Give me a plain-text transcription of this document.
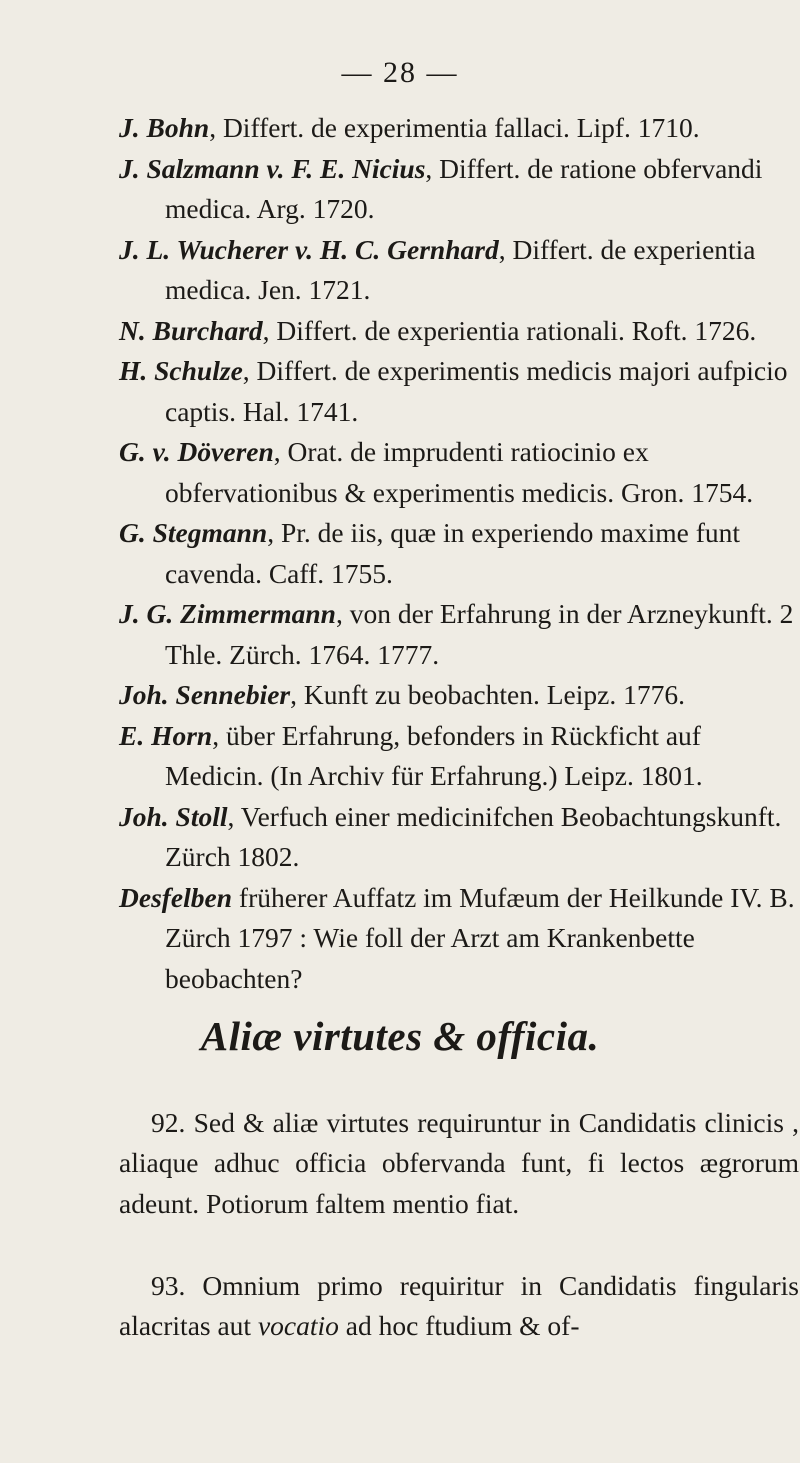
— 28 —
J. Bohn, Differt. de experimentia fallaci. Lipf. 1710.
J. Salzmann v. F. E. Nicius, Differt. de ratione obfervandi medica. Arg. 1720.
J. L. Wucherer v. H. C. Gernhard, Differt. de experientia medica. Jen. 1721.
N. Burchard, Differt. de experientia rationali. Roft. 1726.
H. Schulze, Differt. de experimentis medicis majori aufpicio captis. Hal. 1741.
G. v. Döveren, Orat. de imprudenti ratiocinio ex obfervationibus & experimentis medicis. Gron. 1754.
G. Stegmann, Pr. de iis, quæ in experiendo maxime funt cavenda. Caff. 1755.
J. G. Zimmermann, von der Erfahrung in der Arzneykunft. 2 Thle. Zürch. 1764. 1777.
Joh. Sennebier, Kunft zu beobachten. Leipz. 1776.
E. Horn, über Erfahrung, befonders in Rückficht auf Medicin. (In Archiv für Erfahrung.) Leipz. 1801.
Joh. Stoll, Verfuch einer medicinifchen Beobachtungskunft. Zürch 1802.
Desfelben früherer Auffatz im Mufæum der Heilkunde IV. B. Zürch 1797 : Wie foll der Arzt am Krankenbette beobachten?
Aliæ virtutes & officia.

92. Sed & aliæ virtutes requiruntur in Candidatis clinicis , aliaque adhuc officia obfervanda funt, fi lectos ægrorum adeunt. Potiorum faltem mentio fiat.

93. Omnium primo requiritur in Candidatis fingularis alacritas aut vocatio ad hoc ftudium & of-
